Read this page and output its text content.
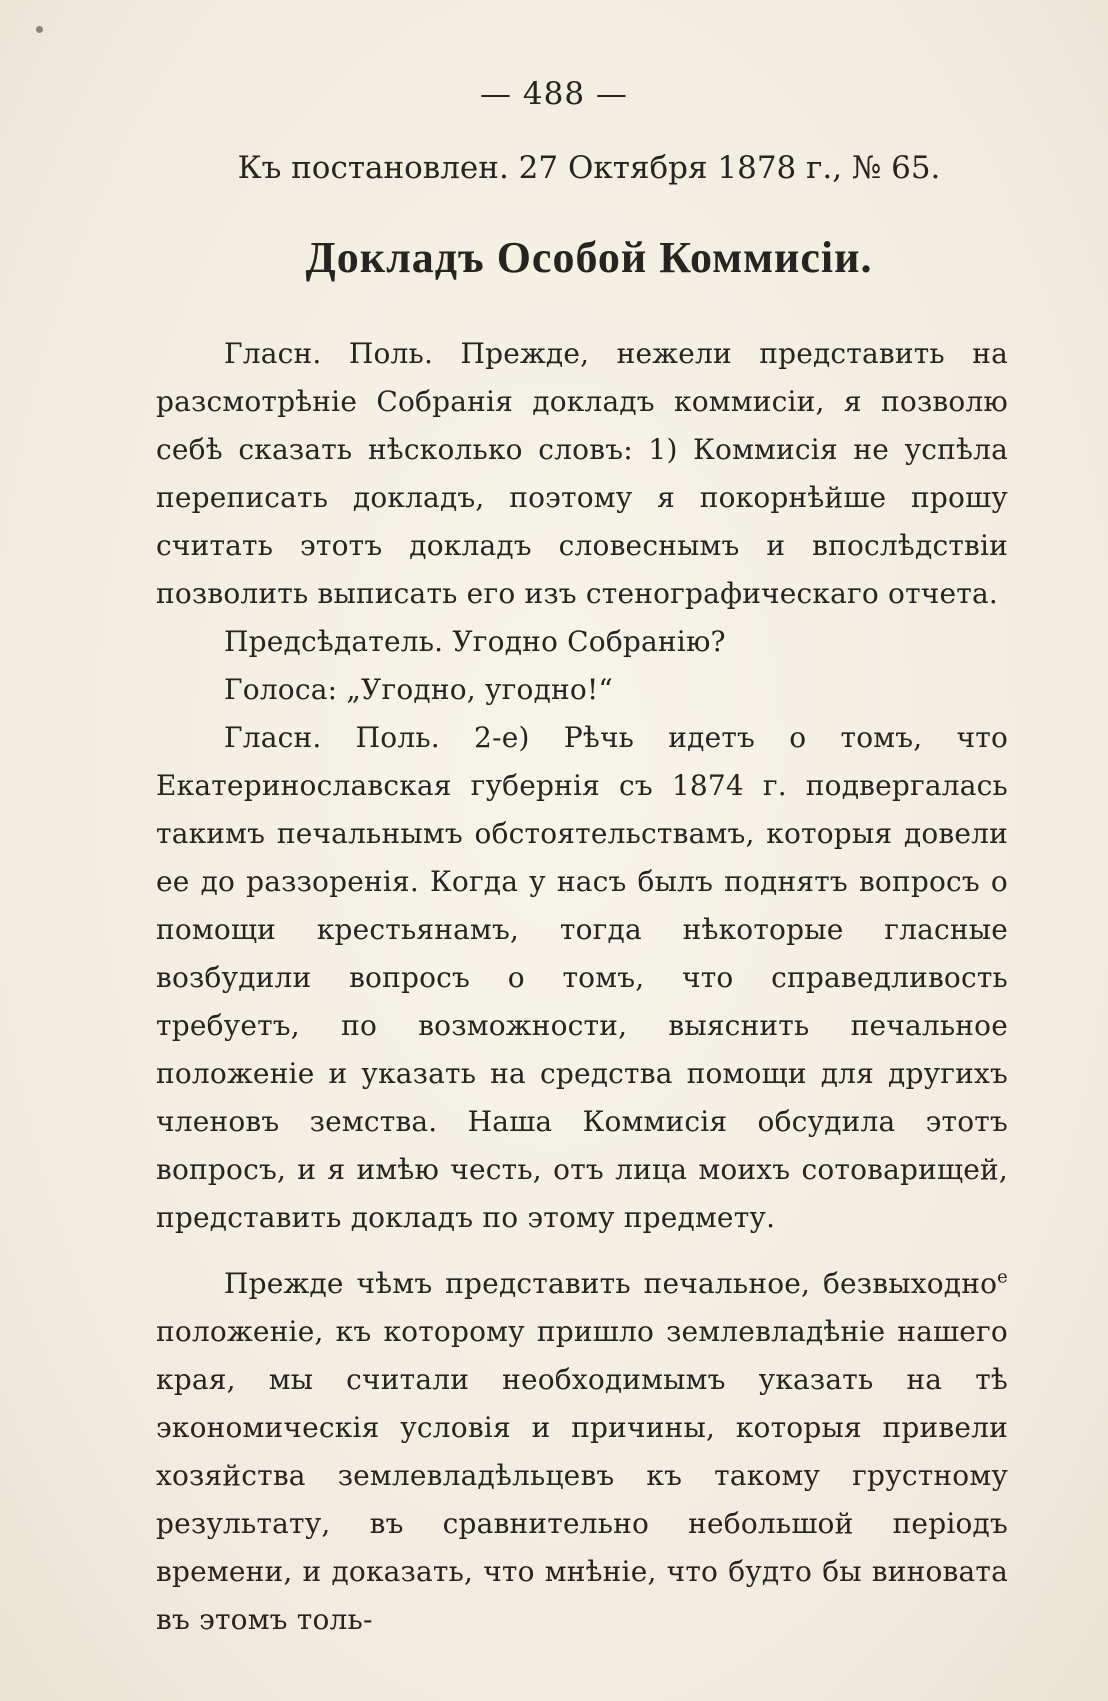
— 488 —
Къ постановлен. 27 Октября 1878 г., № 65.
Докладъ Особой Коммисіи.

Гласн. Поль. Прежде, нежели представить на разсмотрѣніе Собранія докладъ коммисіи, я позволю себѣ сказать нѣсколько словъ: 1) Коммисія не успѣла переписать докладъ, поэтому я покорнѣйше прошу считать этотъ докладъ словеснымъ и впослѣдствіи позволить выписать его изъ стенографическаго отчета.

Предсѣдатель. Угодно Собранію?

Голоса: „Угодно, угодно!“

Гласн. Поль. 2-е) Рѣчь идетъ о томъ, что Екатеринославская губернія съ 1874 г. подвергалась такимъ печальнымъ обстоятельствамъ, которыя довели ее до раззоренія. Когда у насъ былъ поднятъ вопросъ о помощи крестьянамъ, тогда нѣкоторые гласные возбудили вопросъ о томъ, что справедливость требуетъ, по возможности, выяснить печальное положеніе и указать на средства помощи для другихъ членовъ земства. Наша Коммисія обсудила этотъ вопросъ, и я имѣю честь, отъ лица моихъ сотоварищей, представить докладъ по этому предмету.

Прежде чѣмъ представить печальное, безвыходно$^е$ положеніе, къ которому пришло землевладѣніе нашего края, мы считали необходимымъ указать на тѣ экономическія условія и причины, которыя привели хозяйства землевладѣльцевъ къ такому грустному результату, въ сравнительно небольшой періодъ времени, и доказать, что мнѣніе, что будто бы виновата въ этомъ толь-
